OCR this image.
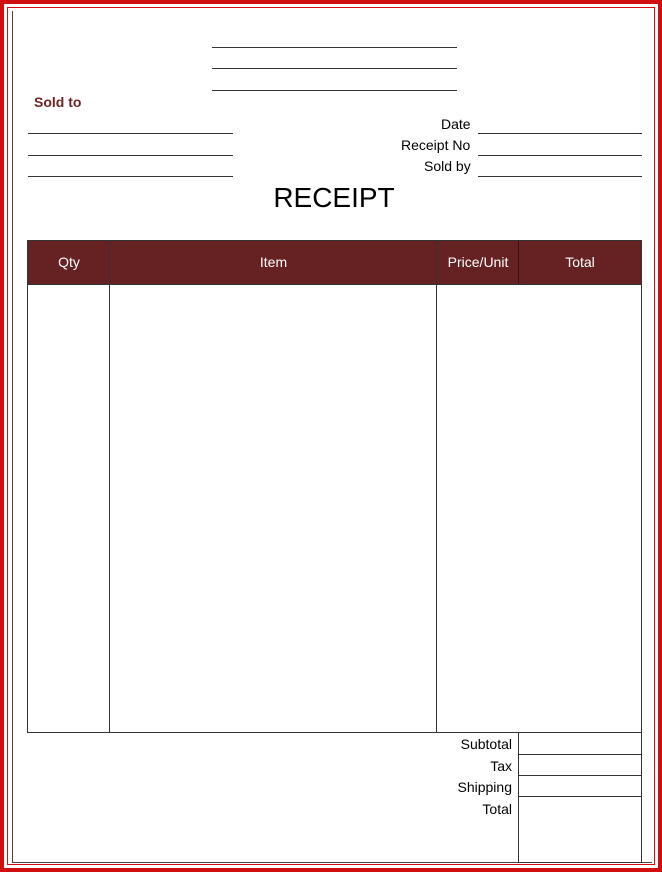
Sold to
Date
Receipt No
Sold by
RECEIPT
Qty	Item	Price/Unit	Total
Subtotal
Tax
Shipping
Total
